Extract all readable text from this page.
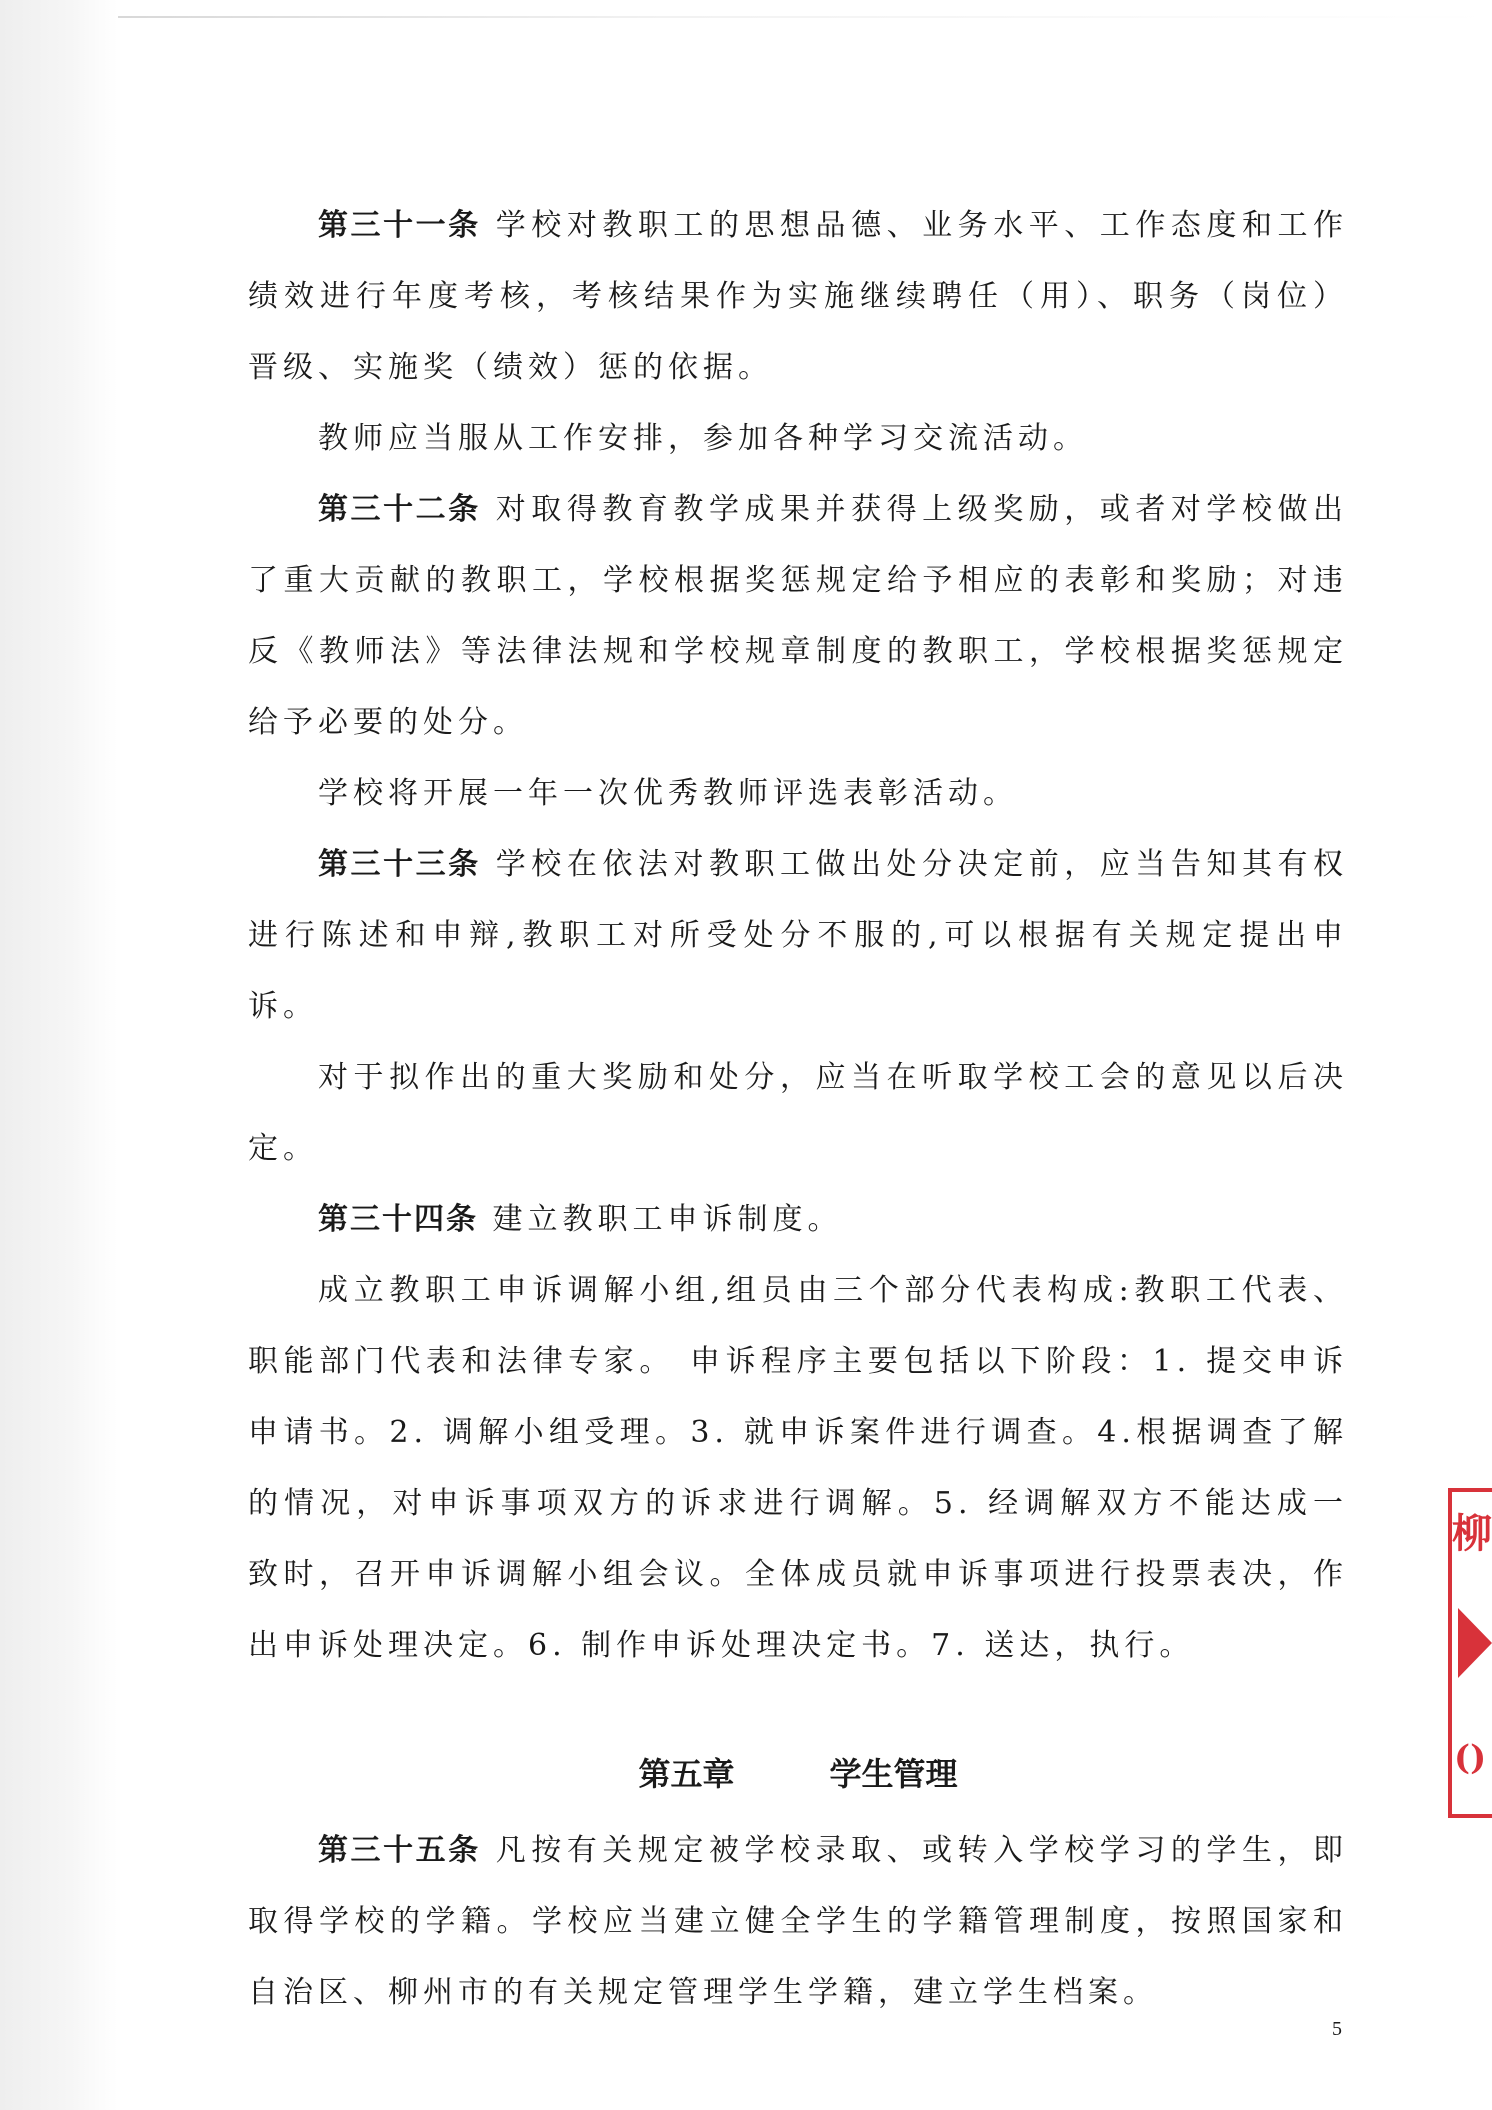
第三十一条 学校对教职工的思想品德、业务水平、工作态度和工作绩效进行年度考核，考核结果作为实施继续聘任（用）、职务（岗位）晋级、实施奖（绩效）惩的依据。

教师应当服从工作安排，参加各种学习交流活动。

第三十二条 对取得教育教学成果并获得上级奖励，或者对学校做出了重大贡献的教职工，学校根据奖惩规定给予相应的表彰和奖励；对违反《教师法》等法律法规和学校规章制度的教职工，学校根据奖惩规定给予必要的处分。

学校将开展一年一次优秀教师评选表彰活动。

第三十三条 学校在依法对教职工做出处分决定前，应当告知其有权进行陈述和申辩,教职工对所受处分不服的,可以根据有关规定提出申诉。

对于拟作出的重大奖励和处分，应当在听取学校工会的意见以后决定。

第三十四条 建立教职工申诉制度。

成立教职工申诉调解小组,组员由三个部分代表构成:教职工代表、职能部门代表和法律专家。 申诉程序主要包括以下阶段：1. 提交申诉申请书。2. 调解小组受理。3. 就申诉案件进行调查。4.根据调查了解的情况，对申诉事项双方的诉求进行调解。5. 经调解双方不能达成一致时，召开申诉调解小组会议。全体成员就申诉事项进行投票表决，作出申诉处理决定。6. 制作申诉处理决定书。7. 送达，执行。

第五章	学生管理

第三十五条 凡按有关规定被学校录取、或转入学校学习的学生，即取得学校的学籍。学校应当建立健全学生的学籍管理制度，按照国家和自治区、柳州市的有关规定管理学生学籍，建立学生档案。

5
柳
()
